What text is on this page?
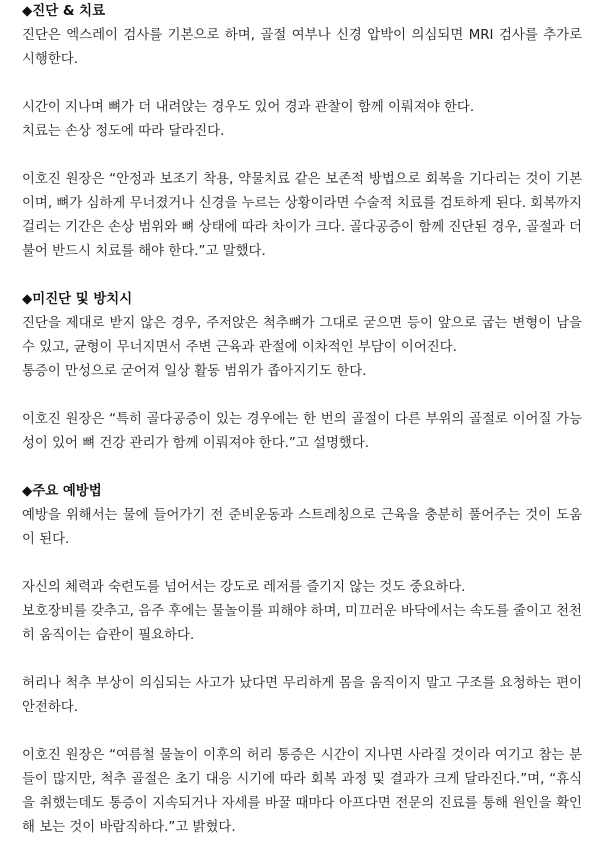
◆진단 & 치료

진단은 엑스레이 검사를 기본으로 하며, 골절 여부나 신경 압박이 의심되면 MRI 검사를 추가로 시행한다.

시간이 지나며 뼈가 더 내려앉는 경우도 있어 경과 관찰이 함께 이뤄져야 한다.

치료는 손상 정도에 따라 달라진다.

이호진 원장은 “안정과 보조기 착용, 약물치료 같은 보존적 방법으로 회복을 기다리는 것이 기본이며, 뼈가 심하게 무너졌거나 신경을 누르는 상황이라면 수술적 치료를 검토하게 된다. 회복까지 걸리는 기간은 손상 범위와 뼈 상태에 따라 차이가 크다. 골다공증이 함께 진단된 경우, 골절과 더불어 반드시 치료를 해야 한다.”고 말했다.

◆미진단 및 방치시

진단을 제대로 받지 않은 경우, 주저앉은 척추뼈가 그대로 굳으면 등이 앞으로 굽는 변형이 남을 수 있고, 균형이 무너지면서 주변 근육과 관절에 이차적인 부담이 이어진다.

통증이 만성으로 굳어져 일상 활동 범위가 좁아지기도 한다.

이호진 원장은 “특히 골다공증이 있는 경우에는 한 번의 골절이 다른 부위의 골절로 이어질 가능성이 있어 뼈 건강 관리가 함께 이뤄져야 한다.”고 설명했다.

◆주요 예방법

예방을 위해서는 물에 들어가기 전 준비운동과 스트레칭으로 근육을 충분히 풀어주는 것이 도움이 된다.

자신의 체력과 숙련도를 넘어서는 강도로 레저를 즐기지 않는 것도 중요하다.

보호장비를 갖추고, 음주 후에는 물놀이를 피해야 하며, 미끄러운 바닥에서는 속도를 줄이고 천천히 움직이는 습관이 필요하다.

허리나 척추 부상이 의심되는 사고가 났다면 무리하게 몸을 움직이지 말고 구조를 요청하는 편이 안전하다.

이호진 원장은 “여름철 물놀이 이후의 허리 통증은 시간이 지나면 사라질 것이라 여기고 참는 분들이 많지만, 척추 골절은 초기 대응 시기에 따라 회복 과정 및 결과가 크게 달라진다.”며, “휴식을 취했는데도 통증이 지속되거나 자세를 바꿀 때마다 아프다면 전문의 진료를 통해 원인을 확인해 보는 것이 바람직하다.”고 밝혔다.
